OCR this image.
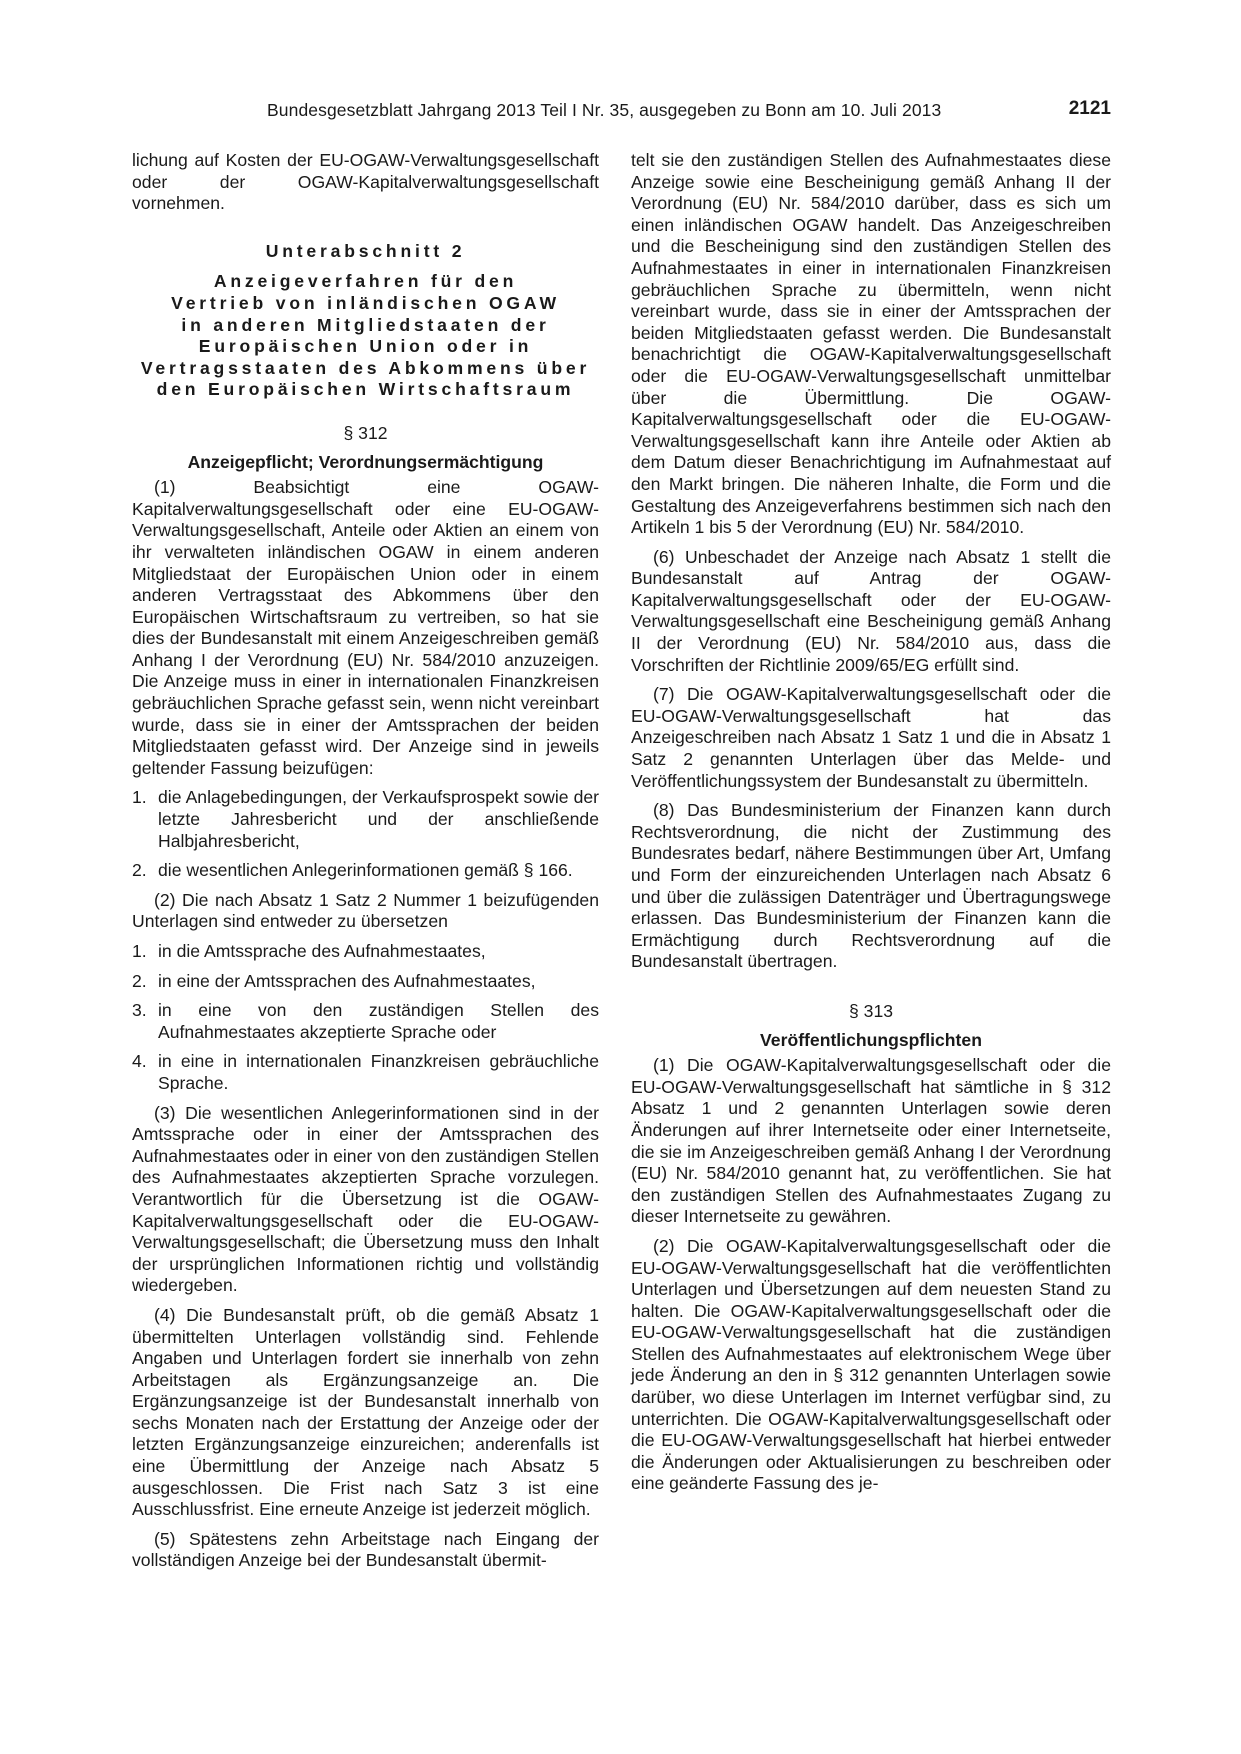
Bundesgesetzblatt Jahrgang 2013 Teil I Nr. 35, ausgegeben zu Bonn am 10. Juli 2013	2121

lichung auf Kosten der EU-OGAW-Verwaltungsgesellschaft oder der OGAW-Kapitalverwaltungsgesellschaft vornehmen.

Unterabschnitt 2

Anzeigeverfahren für den

Vertrieb von inländischen OGAW

in anderen Mitgliedstaaten der

Europäischen Union oder in

Vertragsstaaten des Abkommens über

den Europäischen Wirtschaftsraum

§ 312

Anzeigepflicht; Verordnungsermächtigung

(1) Beabsichtigt eine OGAW-Kapitalverwaltungsgesellschaft oder eine EU-OGAW-Verwaltungsgesellschaft, Anteile oder Aktien an einem von ihr verwalteten inländischen OGAW in einem anderen Mitgliedstaat der Europäischen Union oder in einem anderen Vertragsstaat des Abkommens über den Europäischen Wirtschaftsraum zu vertreiben, so hat sie dies der Bundesanstalt mit einem Anzeigeschreiben gemäß Anhang I der Verordnung (EU) Nr. 584/2010 anzuzeigen. Die Anzeige muss in einer in internationalen Finanzkreisen gebräuchlichen Sprache gefasst sein, wenn nicht vereinbart wurde, dass sie in einer der Amtssprachen der beiden Mitgliedstaaten gefasst wird. Der Anzeige sind in jeweils geltender Fassung beizufügen:

1. die Anlagebedingungen, der Verkaufsprospekt sowie der letzte Jahresbericht und der anschließende Halbjahresbericht,
2. die wesentlichen Anlegerinformationen gemäß § 166.

(2) Die nach Absatz 1 Satz 2 Nummer 1 beizufügenden Unterlagen sind entweder zu übersetzen

1. in die Amtssprache des Aufnahmestaates,
2. in eine der Amtssprachen des Aufnahmestaates,
3. in eine von den zuständigen Stellen des Aufnahmestaates akzeptierte Sprache oder
4. in eine in internationalen Finanzkreisen gebräuchliche Sprache.

(3) Die wesentlichen Anlegerinformationen sind in der Amtssprache oder in einer der Amtssprachen des Aufnahmestaates oder in einer von den zuständigen Stellen des Aufnahmestaates akzeptierten Sprache vorzulegen. Verantwortlich für die Übersetzung ist die OGAW-Kapitalverwaltungsgesellschaft oder die EU-OGAW-Verwaltungsgesellschaft; die Übersetzung muss den Inhalt der ursprünglichen Informationen richtig und vollständig wiedergeben.

(4) Die Bundesanstalt prüft, ob die gemäß Absatz 1 übermittelten Unterlagen vollständig sind. Fehlende Angaben und Unterlagen fordert sie innerhalb von zehn Arbeitstagen als Ergänzungsanzeige an. Die Ergänzungsanzeige ist der Bundesanstalt innerhalb von sechs Monaten nach der Erstattung der Anzeige oder der letzten Ergänzungsanzeige einzureichen; anderenfalls ist eine Übermittlung der Anzeige nach Absatz 5 ausgeschlossen. Die Frist nach Satz 3 ist eine Ausschlussfrist. Eine erneute Anzeige ist jederzeit möglich.

(5) Spätestens zehn Arbeitstage nach Eingang der vollständigen Anzeige bei der Bundesanstalt übermit-

telt sie den zuständigen Stellen des Aufnahmestaates diese Anzeige sowie eine Bescheinigung gemäß Anhang II der Verordnung (EU) Nr. 584/2010 darüber, dass es sich um einen inländischen OGAW handelt. Das Anzeigeschreiben und die Bescheinigung sind den zuständigen Stellen des Aufnahmestaates in einer in internationalen Finanzkreisen gebräuchlichen Sprache zu übermitteln, wenn nicht vereinbart wurde, dass sie in einer der Amtssprachen der beiden Mitgliedstaaten gefasst werden. Die Bundesanstalt benachrichtigt die OGAW-Kapitalverwaltungsgesellschaft oder die EU-OGAW-Verwaltungsgesellschaft unmittelbar über die Übermittlung. Die OGAW-Kapitalverwaltungsgesellschaft oder die EU-OGAW-Verwaltungsgesellschaft kann ihre Anteile oder Aktien ab dem Datum dieser Benachrichtigung im Aufnahmestaat auf den Markt bringen. Die näheren Inhalte, die Form und die Gestaltung des Anzeigeverfahrens bestimmen sich nach den Artikeln 1 bis 5 der Verordnung (EU) Nr. 584/2010.

(6) Unbeschadet der Anzeige nach Absatz 1 stellt die Bundesanstalt auf Antrag der OGAW-Kapitalverwaltungsgesellschaft oder der EU-OGAW-Verwaltungsgesellschaft eine Bescheinigung gemäß Anhang II der Verordnung (EU) Nr. 584/2010 aus, dass die Vorschriften der Richtlinie 2009/65/EG erfüllt sind.

(7) Die OGAW-Kapitalverwaltungsgesellschaft oder die EU-OGAW-Verwaltungsgesellschaft hat das Anzeigeschreiben nach Absatz 1 Satz 1 und die in Absatz 1 Satz 2 genannten Unterlagen über das Melde- und Veröffentlichungssystem der Bundesanstalt zu übermitteln.

(8) Das Bundesministerium der Finanzen kann durch Rechtsverordnung, die nicht der Zustimmung des Bundesrates bedarf, nähere Bestimmungen über Art, Umfang und Form der einzureichenden Unterlagen nach Absatz 6 und über die zulässigen Datenträger und Übertragungswege erlassen. Das Bundesministerium der Finanzen kann die Ermächtigung durch Rechtsverordnung auf die Bundesanstalt übertragen.

§ 313

Veröffentlichungspflichten

(1) Die OGAW-Kapitalverwaltungsgesellschaft oder die EU-OGAW-Verwaltungsgesellschaft hat sämtliche in § 312 Absatz 1 und 2 genannten Unterlagen sowie deren Änderungen auf ihrer Internetseite oder einer Internetseite, die sie im Anzeigeschreiben gemäß Anhang I der Verordnung (EU) Nr. 584/2010 genannt hat, zu veröffentlichen. Sie hat den zuständigen Stellen des Aufnahmestaates Zugang zu dieser Internetseite zu gewähren.

(2) Die OGAW-Kapitalverwaltungsgesellschaft oder die EU-OGAW-Verwaltungsgesellschaft hat die veröffentlichten Unterlagen und Übersetzungen auf dem neuesten Stand zu halten. Die OGAW-Kapitalverwaltungsgesellschaft oder die EU-OGAW-Verwaltungsgesellschaft hat die zuständigen Stellen des Aufnahmestaates auf elektronischem Wege über jede Änderung an den in § 312 genannten Unterlagen sowie darüber, wo diese Unterlagen im Internet verfügbar sind, zu unterrichten. Die OGAW-Kapitalverwaltungsgesellschaft oder die EU-OGAW-Verwaltungsgesellschaft hat hierbei entweder die Änderungen oder Aktualisierungen zu beschreiben oder eine geänderte Fassung des je-
